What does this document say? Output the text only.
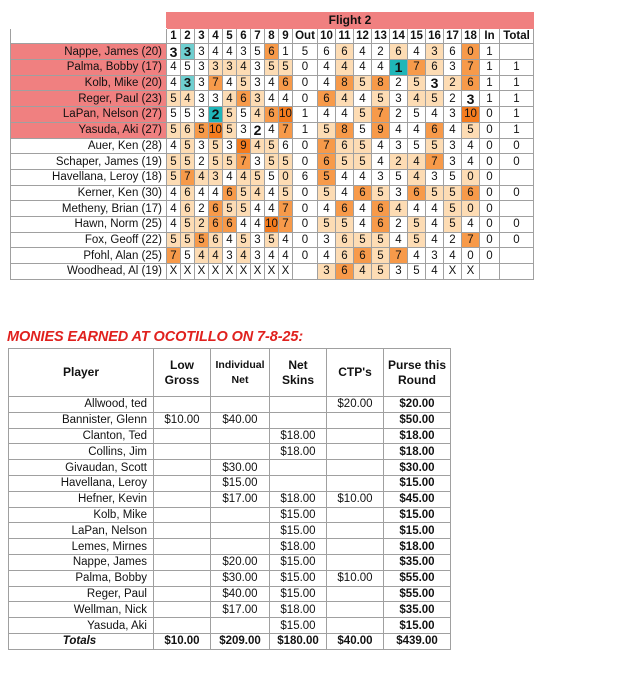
	Flight 2																				
	1	2	3	4	5	6	7	8	9	Out	10	11	12	13	14	15	16	17	18	In	Total
Nappe, James (20)	3	3	3	4	4	3	5	6	1	5	6	6	4	2	6	4	3	6	0	1	
Palma, Bobby (17)	4	5	3	3	3	4	3	5	5	0	4	4	4	4	1	7	6	3	7	1	1
Kolb, Mike (20)	4	3	3	7	4	5	3	4	6	0	4	8	5	8	2	5	3	2	6	1	1
Reger, Paul (23)	5	4	3	3	4	6	3	4	4	0	6	4	4	5	3	4	5	2	3	1	1
LaPan, Nelson (27)	5	5	3	2	5	5	4	6	10	1	4	4	5	7	2	5	4	3	10	0	1
Yasuda, Aki (27)	5	6	5	10	5	3	2	4	7	1	5	8	5	9	4	4	6	4	5	0	1
Auer, Ken (28)	4	5	3	5	3	9	4	5	6	0	7	6	5	4	3	5	5	3	4	0	0
Schaper, James (19)	5	5	2	5	5	7	3	5	5	0	6	5	5	4	2	4	7	3	4	0	0
Havellana, Leroy (18)	5	7	4	3	4	4	5	5	0	6	5	4	4	3	5	4	3	5	0	0	
Kerner, Ken (30)	4	6	4	4	6	5	4	4	5	0	5	4	6	5	3	6	5	5	6	0	0
Metheny, Brian (17)	4	6	2	6	5	5	4	4	7	0	4	6	4	6	4	4	4	5	0	0	
Hawn, Norm (25)	4	5	2	6	6	4	4	10	7	0	5	5	4	6	2	5	4	5	4	0	0
Fox, Geoff (22)	5	5	5	6	4	5	3	5	4	0	3	6	5	5	4	5	4	2	7	0	0
Pfohl, Alan (25)	7	5	4	4	3	4	3	4	4	0	4	6	6	5	7	4	3	4	0	0	
Woodhead, Al (19)	X	X	X	X	X	X	X	X	X		3	6	4	5	3	5	4	X	X		

MONIES EARNED AT OCOTILLO ON 7-8-25:

Player	Low Gross	Individual Net	Net Skins	CTP's	Purse this Round
Allwood, ted				$20.00	$20.00
Bannister, Glenn	$10.00	$40.00			$50.00
Clanton, Ted			$18.00		$18.00
Collins, Jim			$18.00		$18.00
Givaudan, Scott		$30.00			$30.00
Havellana, Leroy		$15.00			$15.00
Hefner, Kevin		$17.00	$18.00	$10.00	$45.00
Kolb, Mike			$15.00		$15.00
LaPan, Nelson			$15.00		$15.00
Lemes, Mirnes			$18.00		$18.00
Nappe, James		$20.00	$15.00		$35.00
Palma, Bobby		$30.00	$15.00	$10.00	$55.00
Reger, Paul		$40.00	$15.00		$55.00
Wellman, Nick		$17.00	$18.00		$35.00
Yasuda, Aki			$15.00		$15.00
Totals	$10.00	$209.00	$180.00	$40.00	$439.00
